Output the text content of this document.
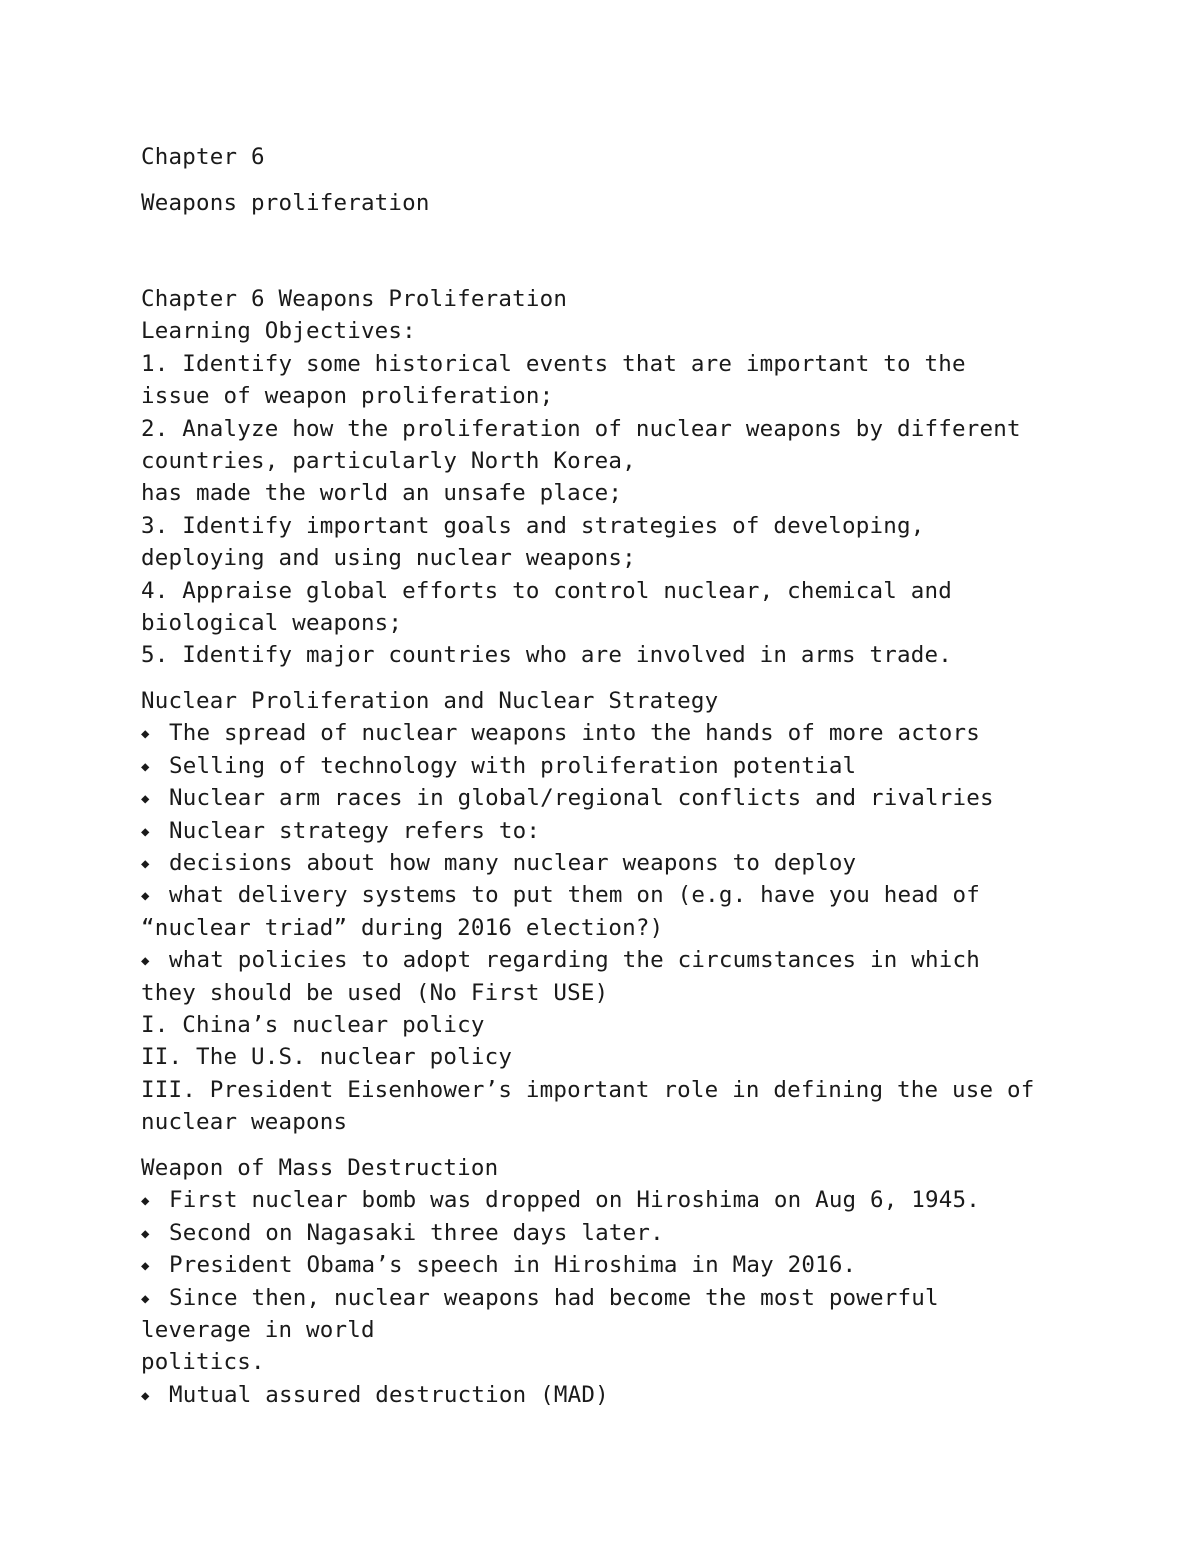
Chapter 6
Weapons proliferation
Chapter 6 Weapons Proliferation
Learning Objectives:
1. Identify some historical events that are important to the
issue of weapon proliferation;
2. Analyze how the proliferation of nuclear weapons by different
countries, particularly North Korea,
has made the world an unsafe place;
3. Identify important goals and strategies of developing,
deploying and using nuclear weapons;
4. Appraise global efforts to control nuclear, chemical and
biological weapons;
5. Identify major countries who are involved in arms trade.
Nuclear Proliferation and Nuclear Strategy
◆ The spread of nuclear weapons into the hands of more actors
◆ Selling of technology with proliferation potential
◆ Nuclear arm races in global/regional conflicts and rivalries
◆ Nuclear strategy refers to:
◆ decisions about how many nuclear weapons to deploy
◆ what delivery systems to put them on (e.g. have you head of
“nuclear triad” during 2016 election?)
◆ what policies to adopt regarding the circumstances in which
they should be used (No First USE)
I. China’s nuclear policy
II. The U.S. nuclear policy
III. President Eisenhower’s important role in defining the use of
nuclear weapons
Weapon of Mass Destruction
◆ First nuclear bomb was dropped on Hiroshima on Aug 6, 1945.
◆ Second on Nagasaki three days later.
◆ President Obama’s speech in Hiroshima in May 2016.
◆ Since then, nuclear weapons had become the most powerful
leverage in world
politics.
◆ Mutual assured destruction (MAD)
